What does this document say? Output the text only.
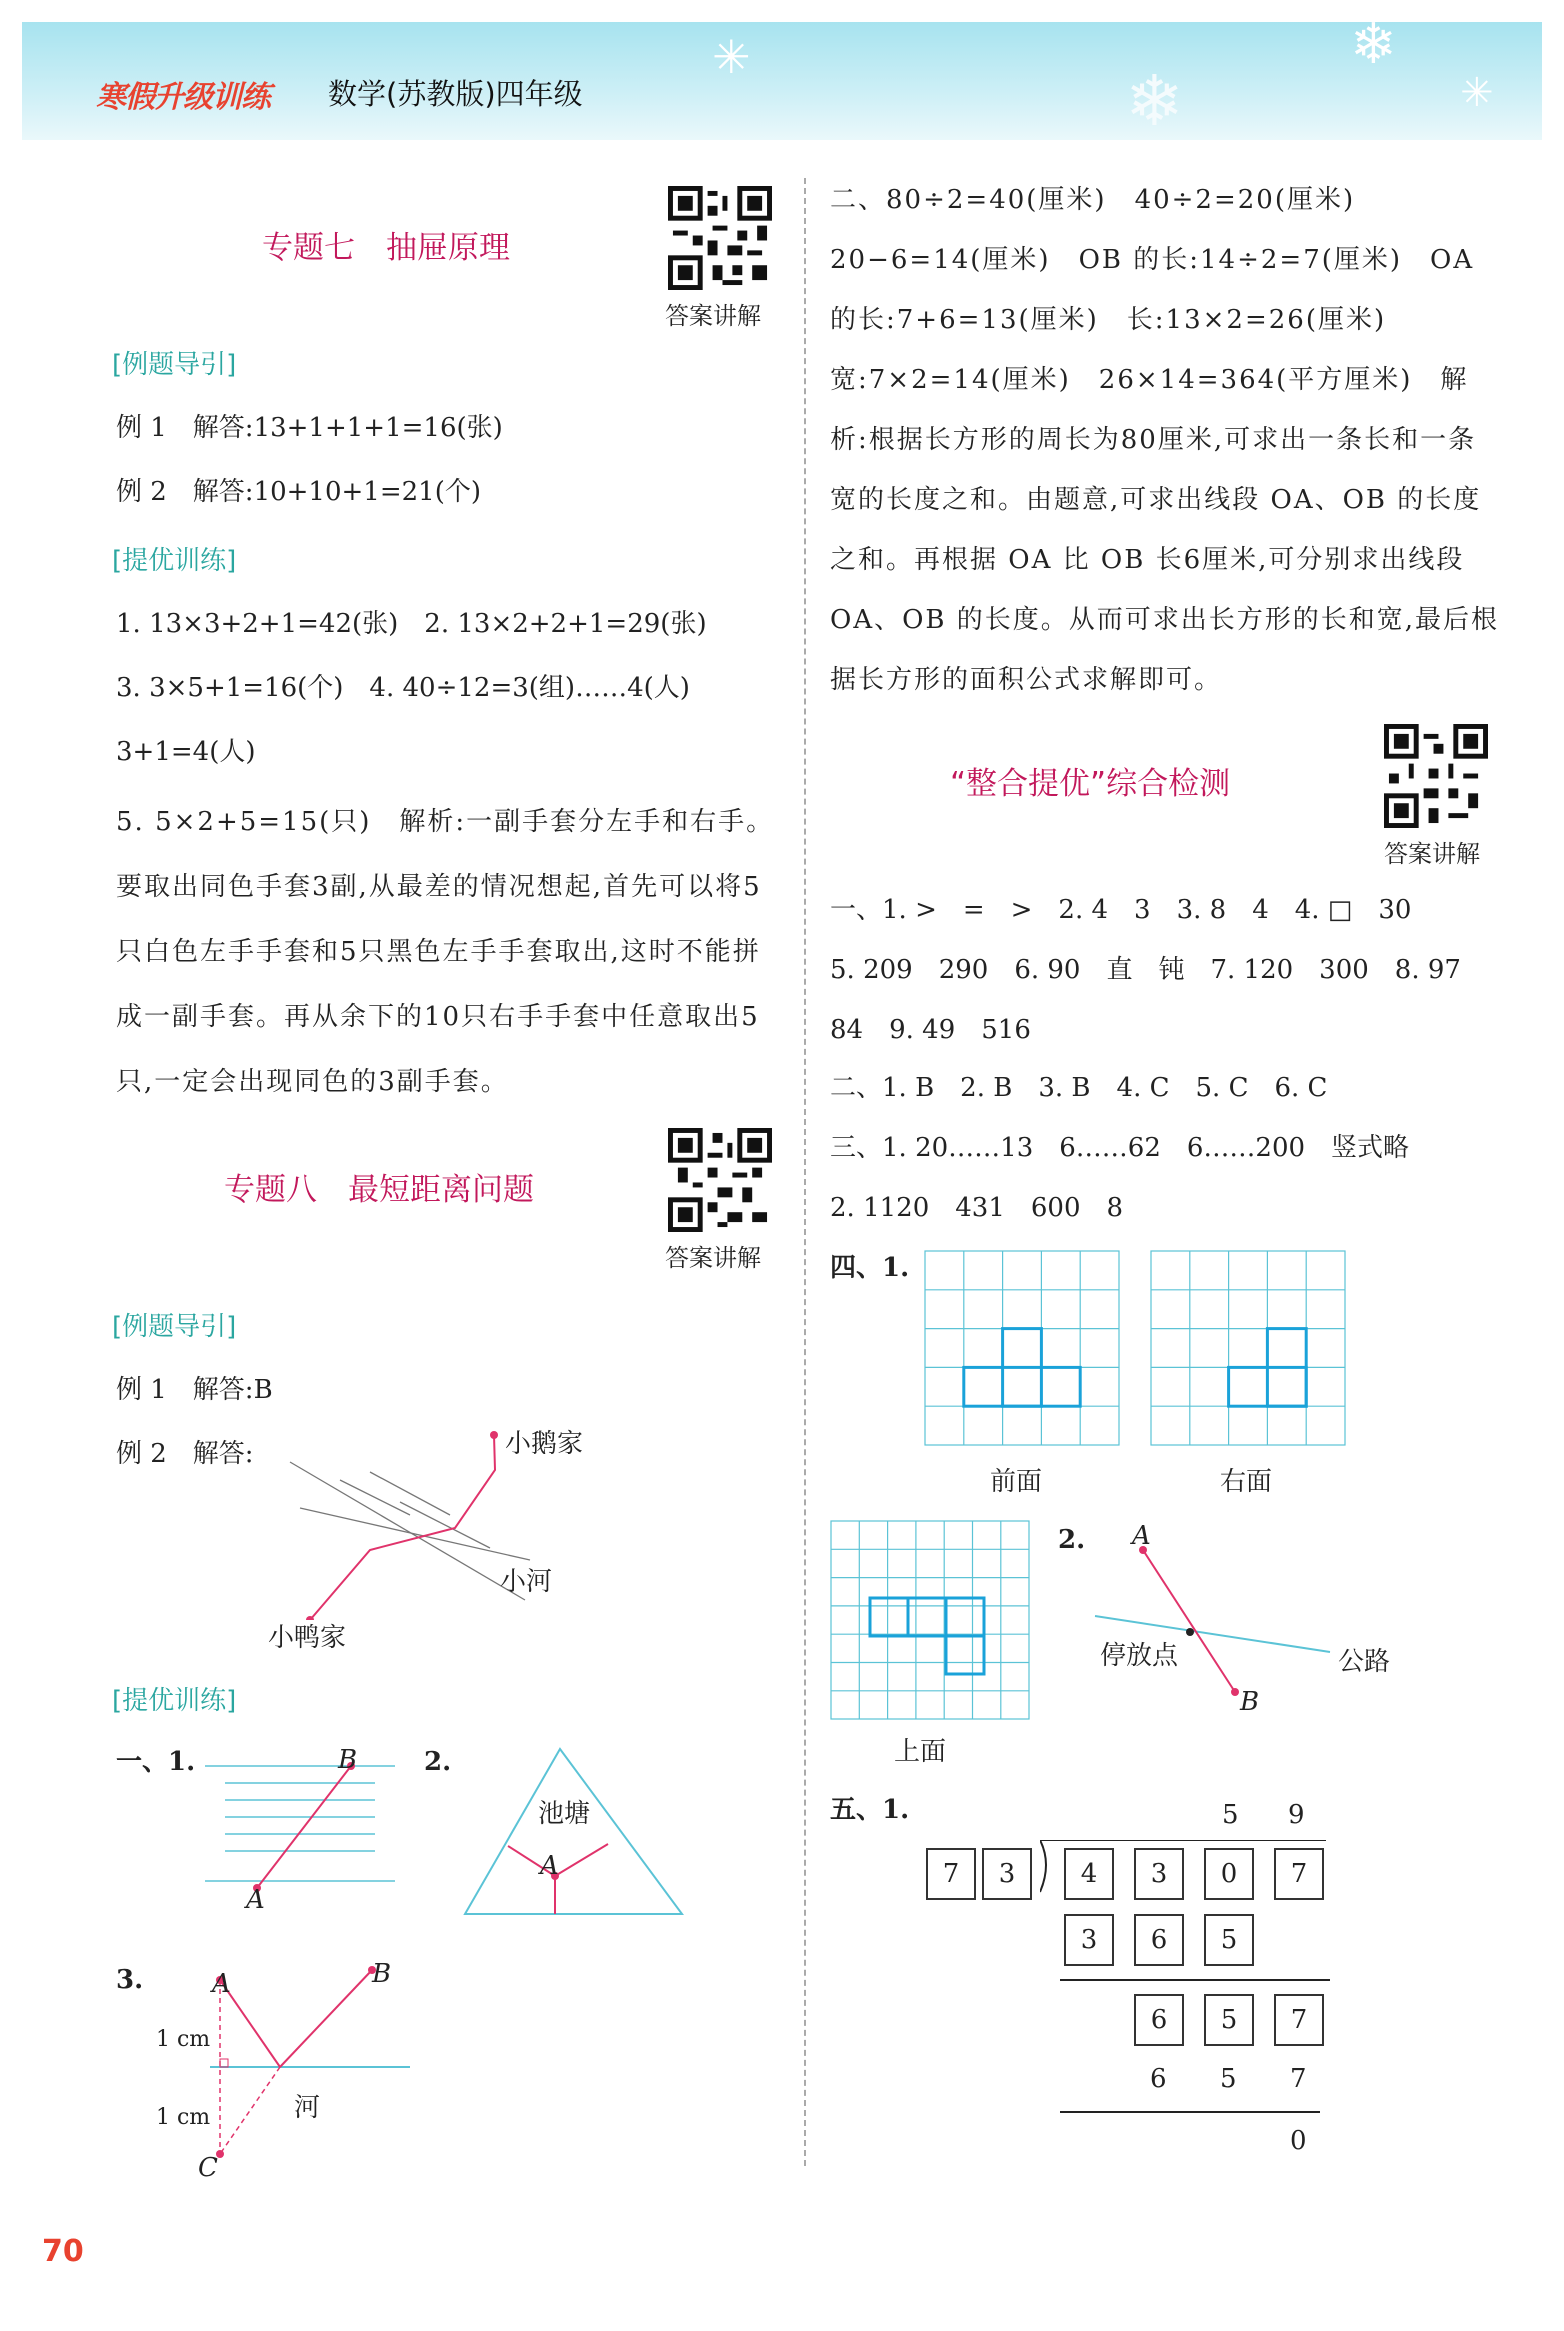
✳	❄
❄	✳
寒假升级训练 数学(苏教版)四年级
专题七　抽屉原理
答案讲解
[例题导引]
例 1　解答:13+1+1+1=16(张)
例 2　解答:10+10+1=21(个)
[提优训练]
1. 13×3+2+1=42(张)　2. 13×2+2+1=29(张)
3. 3×5+1=16(个)　4. 40÷12=3(组)……4(人)
3+1=4(人)
5. 5×2+5=15(只)　解析:一副手套分左手和右手。要取出同色手套3副,从最差的情况想起,首先可以将5只白色左手手套和5只黑色左手手套取出,这时不能拼成一副手套。再从余下的10只右手手套中任意取出5只,一定会出现同色的3副手套。
专题八　最短距离问题
答案讲解
[例题导引]
例 1　解答:B
例 2　解答:	小鹅家
小河
小鸭家
[提优训练]
一、1.	B
A
2.
池塘
A
3.	A	B
C
1 cm
1 cm	河
70
二、80÷2=40(厘米)　40÷2=20(厘米)　20−6=14(厘米)　OB 的长:14÷2=7(厘米)　OA 的长:7+6=13(厘米)　长:13×2=26(厘米)　宽:7×2=14(厘米)　26×14=364(平方厘米)　解析:根据长方形的周长为80厘米,可求出一条长和一条宽的长度之和。由题意,可求出线段 OA、OB 的长度之和。再根据 OA 比 OB 长6厘米,可分别求出线段 OA、OB 的长度。从而可求出长方形的长和宽,最后根据长方形的面积公式求解即可。
“整合提优”综合检测
答案讲解
一、1. >　=　>　2. 4　3　3. 8　4　4. □　30
5. 209　290　6. 90　直　钝　7. 120　300　8. 97
84　9. 49　516
二、1. B　2. B　3. B　4. C　5. C　6. C
三、1. 20……13　6……62　6……200　竖式略
2. 1120　431　600　8
四、1.
前面	右面
上面
2. A
B
公路
停放点
五、1.	5 9
7	3	4	3	0	7
3	6	5
6	5	7
6 5 7
0
